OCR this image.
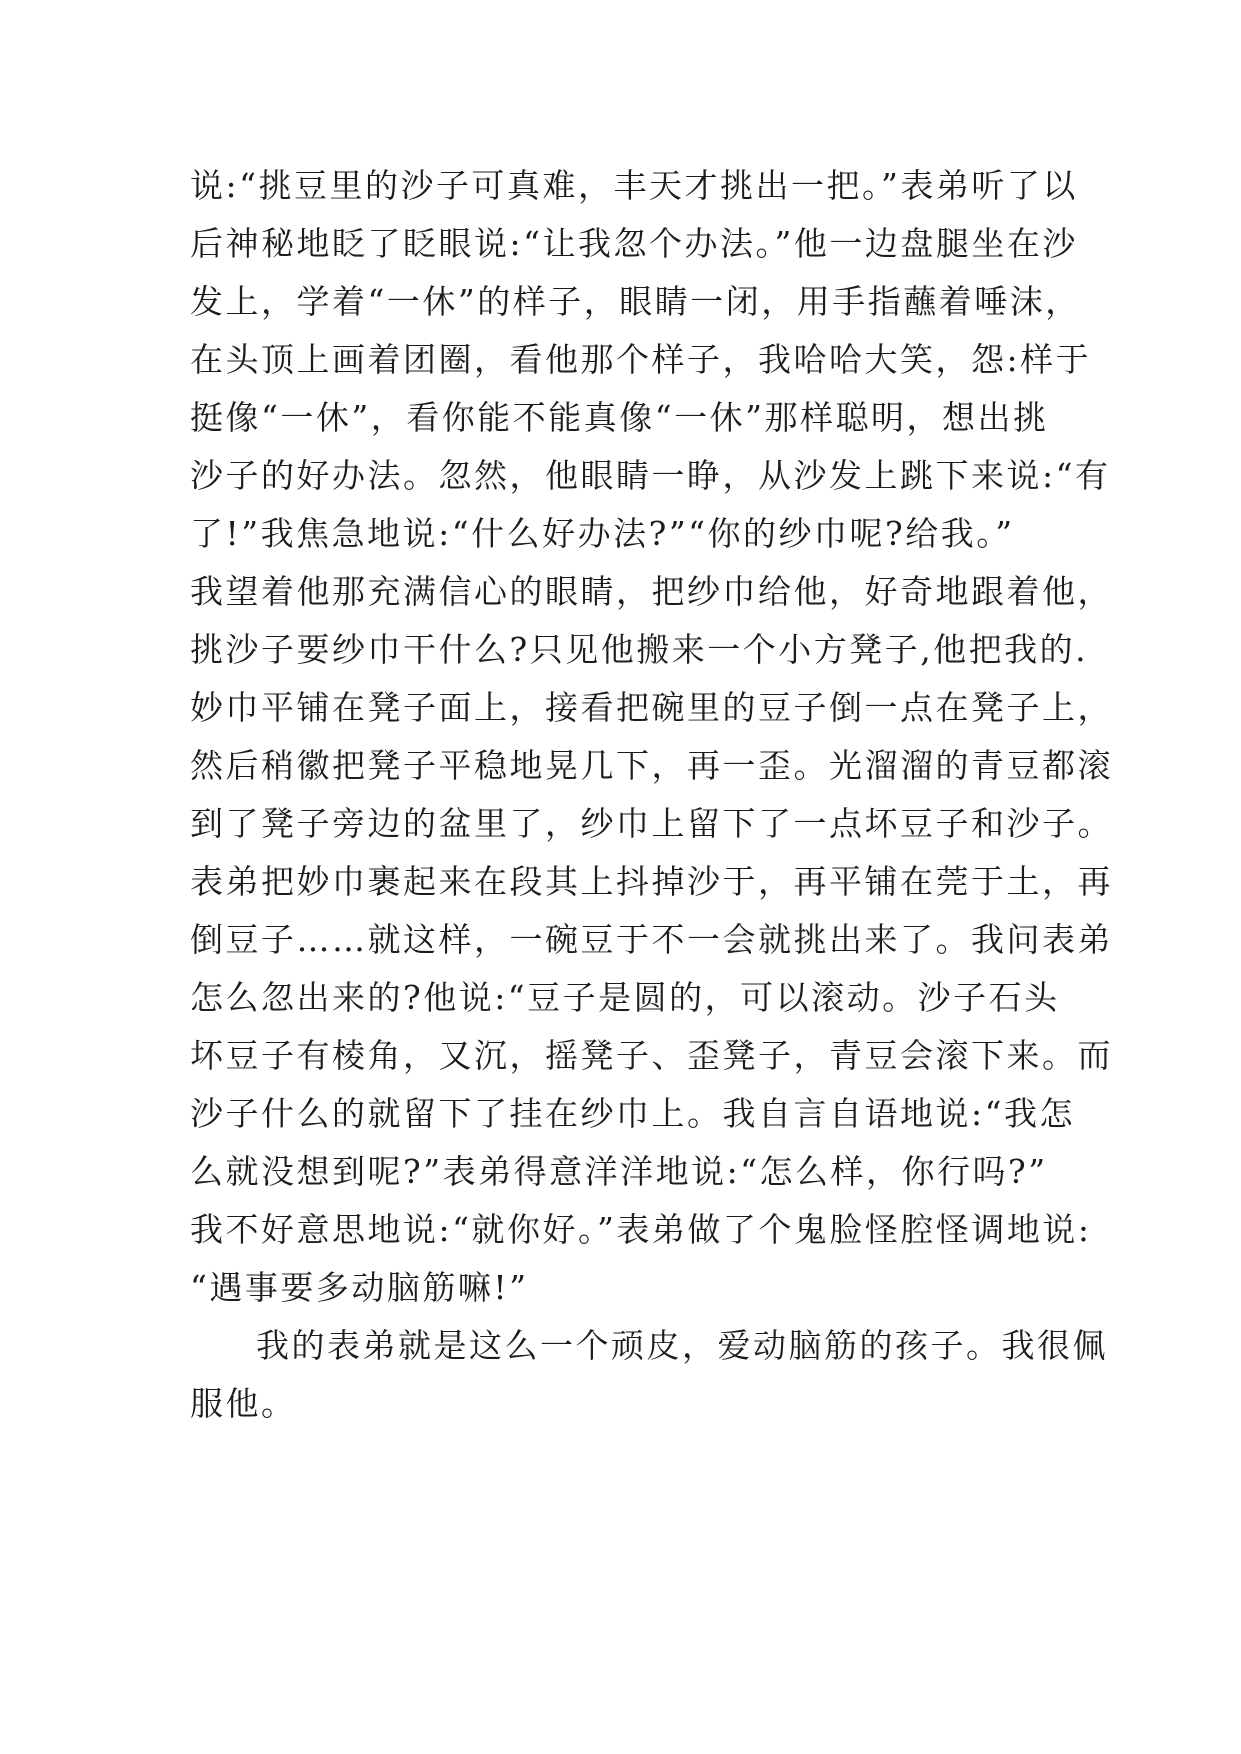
说:“挑豆里的沙子可真难，丰天才挑出一把。”表弟听了以
后神秘地眨了眨眼说:“让我忽个办法。”他一边盘腿坐在沙
发上，学着“一休”的样子，眼睛一闭，用手指蘸着唾沫，
在头顶上画着团圈，看他那个样子，我哈哈大笑，怨:样于
挺像“一休”，看你能不能真像“一休”那样聪明，想出挑
沙子的好办法。忽然，他眼睛一睁，从沙发上跳下来说:“有
了!”我焦急地说:“什么好办法?”“你的纱巾呢?给我。”
我望着他那充满信心的眼睛，把纱巾给他，好奇地跟着他，
挑沙子要纱巾干什么?只见他搬来一个小方凳子,他把我的.
妙巾平铺在凳子面上，接看把碗里的豆子倒一点在凳子上，
然后稍徽把凳子平稳地晃几下，再一歪。光溜溜的青豆都滚
到了凳子旁边的盆里了，纱巾上留下了一点坏豆子和沙子。
表弟把妙巾裹起来在段其上抖掉沙于，再平铺在莞于土，再
倒豆子……就这样，一碗豆于不一会就挑出来了。我问表弟
怎么忽出来的?他说:“豆子是圆的，可以滚动。沙子石头
坏豆子有棱角，又沉，摇凳子、歪凳子，青豆会滚下来。而
沙子什么的就留下了挂在纱巾上。我自言自语地说:“我怎
么就没想到呢?”表弟得意洋洋地说:“怎么样，你行吗?”
我不好意思地说:“就你好。”表弟做了个鬼脸怪腔怪调地说:
“遇事要多动脑筋嘛!”
我的表弟就是这么一个顽皮，爱动脑筋的孩子。我很佩
服他。
